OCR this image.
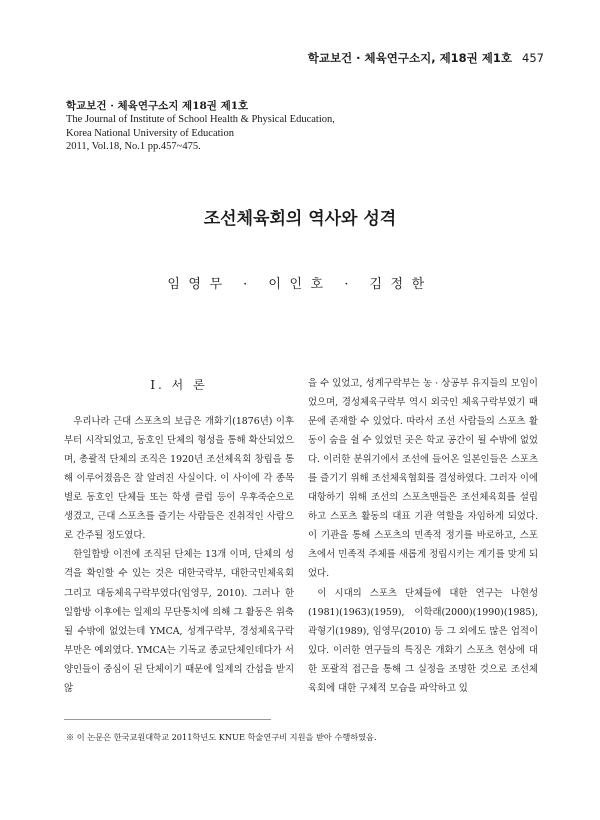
학교보건 · 체육연구소지, 제18권 제1호 457
학교보건 · 체육연구소지 제18권 제1호
The Journal of Institute of School Health & Physical Education,
Korea National University of Education
2011, Vol.18, No.1 pp.457~475.
조선체육회의 역사와 성격
임영무 · 이인호 · 김정한
Ⅰ. 서 론

우리나라 근대 스포츠의 보급은 개화기(1876년) 이후부터 시작되었고, 동호인 단체의 형성을 통해 확산되었으며, 총괄적 단체의 조직은 1920년 조선체육회 창립을 통해 이루어졌음은 잘 알려진 사실이다. 이 사이에 각 종목별로 동호인 단체들 또는 학생 클럽 등이 우후죽순으로 생겼고, 근대 스포츠를 즐기는 사람들은 진취적인 사람으로 간주될 정도였다.

한일합방 이전에 조직된 단체는 13개 이며, 단체의 성격을 확인할 수 있는 것은 대한국락부, 대한국민체육회 그리고 대동체육구락부였다(임영무, 2010). 그러나 한일합방 이후에는 일제의 무단통치에 의해 그 활동은 위축될 수밖에 없었는데 YMCA, 성계구락부, 경성체육구락부만은 예외였다. YMCA는 기독교 종교단체인데다가 서양인들이 중심이 된 단체이기 때문에 일제의 간섭을 받지 않

을 수 있었고, 성계구락부는 농 · 상공부 유지들의 모임이었으며, 경성체육구락부 역시 외국인 체육구락부였기 때문에 존재할 수 있었다. 따라서 조선 사람들의 스포츠 활동이 숨을 쉴 수 있었던 곳은 학교 공간이 될 수밖에 없었다. 이러한 분위기에서 조선에 들어온 일본인들은 스포츠를 즐기기 위해 조선체육협회를 결성하였다. 그러자 이에 대항하기 위해 조선의 스포츠맨들은 조선체육회를 설립하고 스포츠 활동의 대표 기관 역할을 자임하게 되었다. 이 기관을 통해 스포츠의 민족적 정기를 바로하고, 스포츠에서 민족적 주체를 새롭게 정립시키는 계기를 맞게 되었다.

이 시대의 스포츠 단체들에 대한 연구는 나현성(1981)(1963)(1959), 이학래(2000)(1990)(1985), 곽형기(1989), 임영무(2010) 등 그 외에도 많은 업적이 있다. 이러한 연구들의 특징은 개화기 스포츠 현상에 대한 포괄적 접근을 통해 그 실정을 조명한 것으로 조선체육회에 대한 구체적 모습을 파악하고 있

※ 이 논문은 한국교원대학교 2011학년도 KNUE 학술연구비 지원을 받아 수행하였음.
